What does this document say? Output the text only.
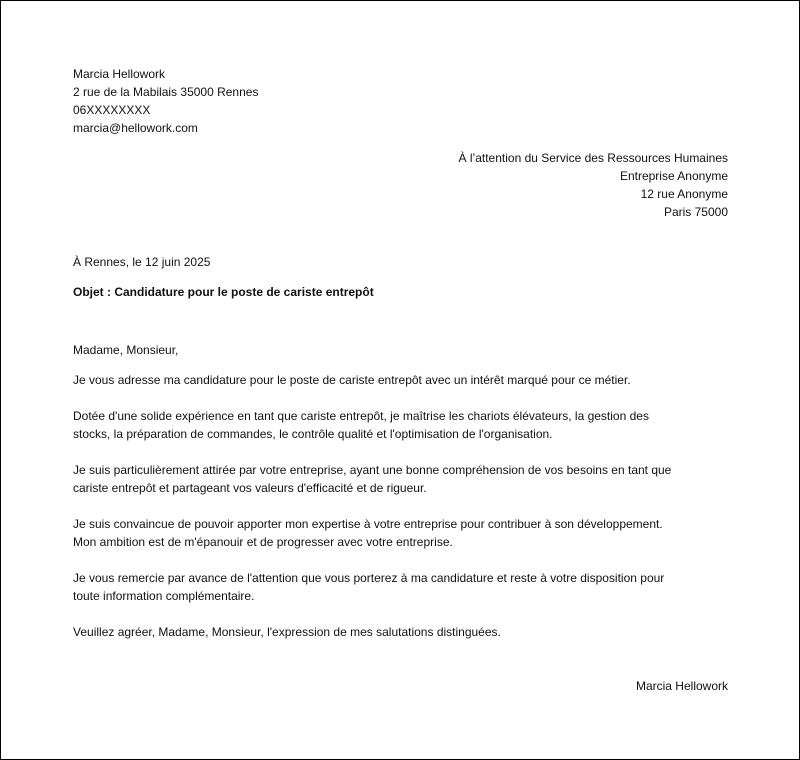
Marcia Hellowork
2 rue de la Mabilais 35000 Rennes
06XXXXXXXX
marcia@hellowork.com
À l’attention du Service des Ressources Humaines
Entreprise Anonyme
12 rue Anonyme
Paris 75000
À Rennes, le 12 juin 2025
Objet : Candidature pour le poste de cariste entrepôt
Madame, Monsieur,
Je vous adresse ma candidature pour le poste de cariste entrepôt avec un intérêt marqué pour ce métier.
Dotée d'une solide expérience en tant que cariste entrepôt, je maîtrise les chariots élévateurs, la gestion des
stocks, la préparation de commandes, le contrôle qualité et l'optimisation de l'organisation.
Je suis particulièrement attirée par votre entreprise, ayant une bonne compréhension de vos besoins en tant que
cariste entrepôt et partageant vos valeurs d'efficacité et de rigueur.
Je suis convaincue de pouvoir apporter mon expertise à votre entreprise pour contribuer à son développement.
Mon ambition est de m'épanouir et de progresser avec votre entreprise.
Je vous remercie par avance de l'attention que vous porterez à ma candidature et reste à votre disposition pour
toute information complémentaire.
Veuillez agréer, Madame, Monsieur, l'expression de mes salutations distinguées.
Marcia Hellowork
